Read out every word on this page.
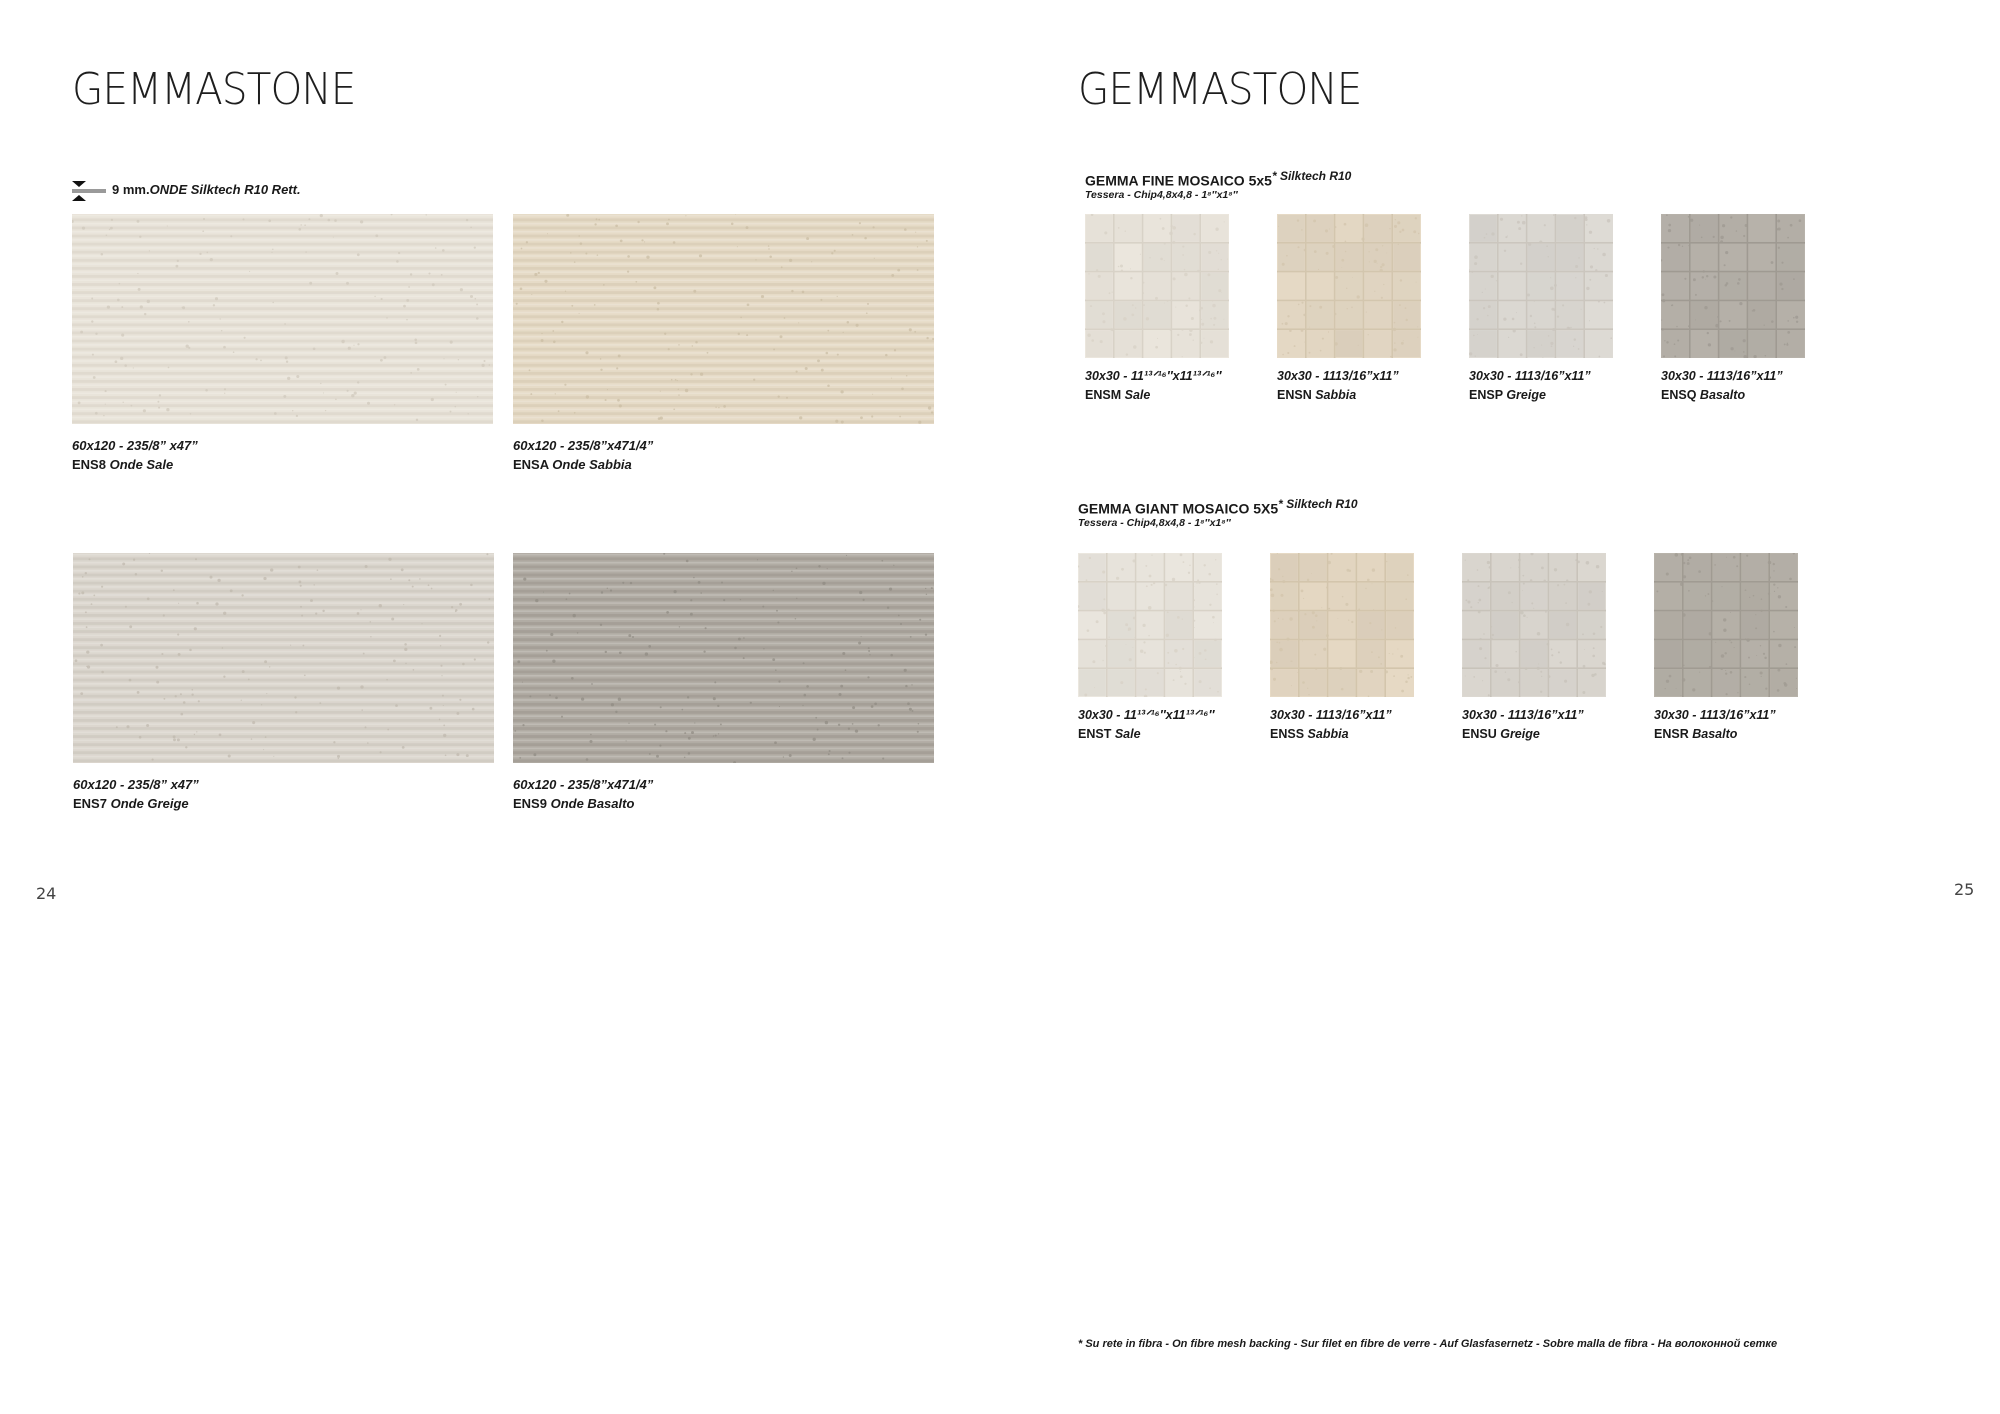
GEMMASTONE
9 mm.ONDE Silktech R10 Rett.
60x120 - 235/8” x47”
ENS8 Onde Sale
60x120 - 235/8”x471/4”
ENSA Onde Sabbia
60x120 - 235/8” x47”
ENS7 Onde Greige
60x120 - 235/8”x471/4”
ENS9 Onde Basalto
24
GEMMASTONE
GEMMA FINE MOSAICO 5x5* Silktech R10
Tessera - Chip4,8x4,8 - 1⁸″x1⁸″
GEMMA GIANT MOSAICO 5X5* Silktech R10
Tessera - Chip4,8x4,8 - 1⁸″x1⁸″
30x30 - 11¹³ᐟ¹⁶″x11¹³ᐟ¹⁶″
ENSM Sale
30x30 - 1113/16”x11”
ENSN Sabbia
30x30 - 1113/16”x11”
ENSP Greige
30x30 - 1113/16”x11”
ENSQ Basalto
30x30 - 11¹³ᐟ¹⁶″x11¹³ᐟ¹⁶″
ENST Sale
30x30 - 1113/16”x11”
ENSS Sabbia
30x30 - 1113/16”x11”
ENSU Greige
30x30 - 1113/16”x11”
ENSR Basalto
25
* Su rete in fibra - On fibre mesh backing - Sur filet en fibre de verre - Auf Glasfasernetz - Sobre malla de fibra - На волоконной сетке
